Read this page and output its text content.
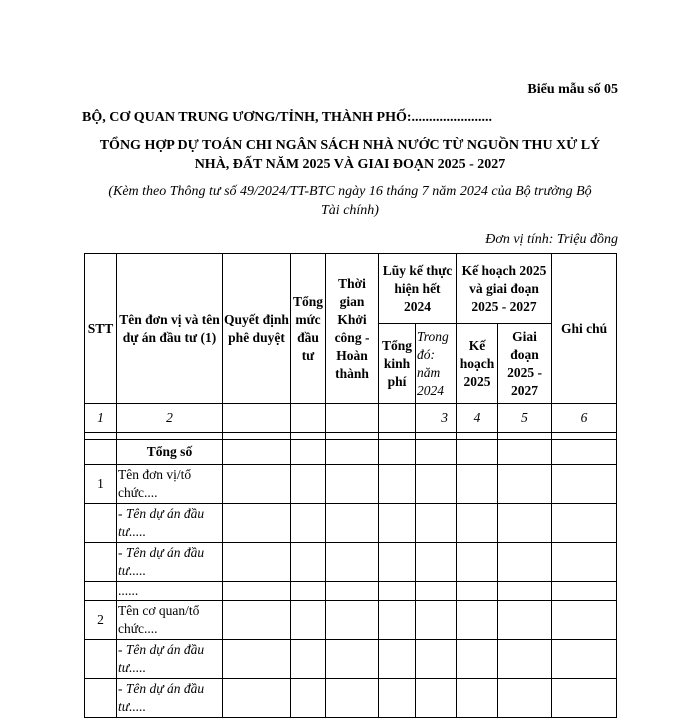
Biểu mẫu số 05
BỘ, CƠ QUAN TRUNG ƯƠNG/TỈNH, THÀNH PHỐ:.......................
TỔNG HỢP DỰ TOÁN CHI NGÂN SÁCH NHÀ NƯỚC TỪ NGUỒN THU XỬ LÝ
NHÀ, ĐẤT NĂM 2025 VÀ GIAI ĐOẠN 2025 - 2027
(Kèm theo Thông tư số 49/2024/TT-BTC ngày 16 tháng 7 năm 2024 của Bộ trưởng Bộ
Tài chính)
Đơn vị tính: Triệu đồng
STT	Tên đơn vị và tên dự án đầu tư (1)	Quyết định phê duyệt	Tổng mức đầu tư	Thời gian Khởi công - Hoàn thành	Lũy kế thực hiện hết 2024		Kế hoạch 2025 và giai đoạn 2025 - 2027		Ghi chú
					Tổng kinh phí	Trong đó: năm 2024	Kế hoạch 2025	Giai đoạn 2025 - 2027	
1	2					3	4	5	6

	Tổng số								
1	Tên đơn vị/tổ chức....								
	- Tên dự án đầu tư.....								
	- Tên dự án đầu tư.....								
	......								
2	Tên cơ quan/tổ chức....								
	- Tên dự án đầu tư.....								
	- Tên dự án đầu tư.....								
